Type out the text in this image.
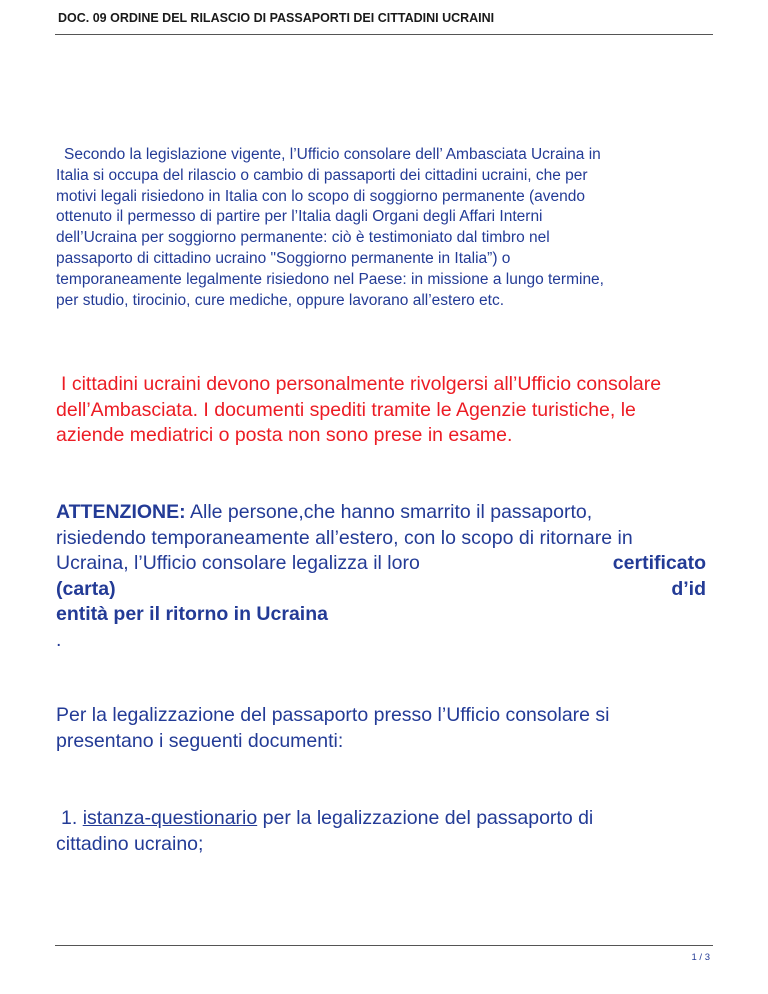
DOC. 09 ORDINE DEL RILASCIO DI PASSAPORTI DEI CITTADINI UCRAINI
Secondo la legislazione vigente, l’Ufficio consolare dell’ Ambasciata Ucraina in
Italia si occupa del rilascio o cambio di passaporti dei cittadini ucraini, che per
motivi legali risiedono in Italia con lo scopo di soggiorno permanente (avendo
ottenuto il permesso di partire per l’Italia dagli Organi degli Affari Interni
dell’Ucraina per soggiorno permanente: ciò è testimoniato dal timbro nel
passaporto di cittadino ucraino "Soggiorno permanente in Italia”) o
temporaneamente legalmente risiedono nel Paese: in missione a lungo termine,
per studio, tirocinio, cure mediche, oppure lavorano all’estero etc.
I cittadini ucraini devono personalmente rivolgersi all’Ufficio consolare
dell’Ambasciata. I documenti spediti tramite le Agenzie turistiche, le
aziende mediatrici o posta non sono prese in esame.
ATTENZIONE: Alle persone,che hanno smarrito il passaporto,
risiedendo temporaneamente all’estero, con lo scopo di ritornare in
Ucraina, l’Ufficio consolare legalizza il loro	certificato
(carta)	d’id
entità per il ritorno in Ucraina
.
Per la legalizzazione del passaporto presso l’Ufficio consolare si
presentano i seguenti documenti:
1. istanza-questionario per la legalizzazione del passaporto di
cittadino ucraino;
1 / 3
